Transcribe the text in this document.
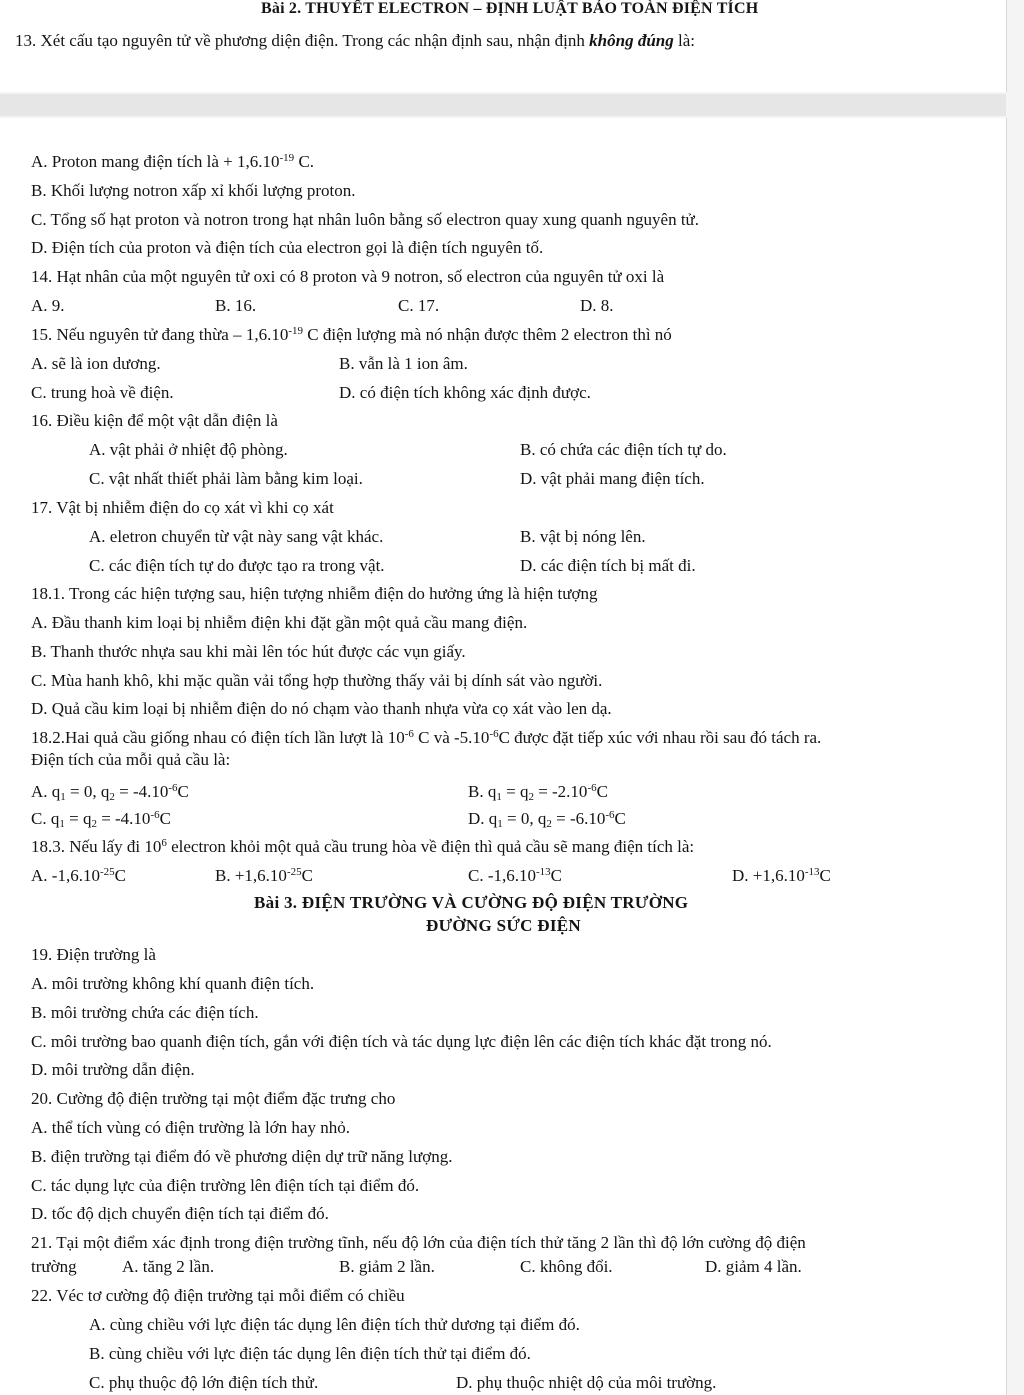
Bài 2. THUYẾT ELECTRON – ĐỊNH LUẬT BẢO TOÀN ĐIỆN TÍCH
13. Xét cấu tạo nguyên tử về phương diện điện. Trong các nhận định sau, nhận định không đúng là:
A. Proton mang điện tích là + $1,6.10^{-19}$ C.
B. Khối lượng notron xấp xỉ khối lượng proton.
C. Tổng số hạt proton và notron trong hạt nhân luôn bằng số electron quay xung quanh nguyên tử.
D. Điện tích của proton và điện tích của electron gọi là điện tích nguyên tố.
14. Hạt nhân của một nguyên tử oxi có 8 proton và 9 notron, số electron của nguyên tử oxi là
A. 9.	B. 16.	C. 17.	D. 8.
15. Nếu nguyên tử đang thừa – $1,6.10^{-19}$ C điện lượng mà nó nhận được thêm 2 electron thì nó
A. sẽ là ion dương.	B. vẫn là 1 ion âm.
C. trung hoà về điện.	D. có điện tích không xác định được.
16. Điều kiện để một vật dẫn điện là
A. vật phải ở nhiệt độ phòng.	B. có chứa các điện tích tự do.
C. vật nhất thiết phải làm bằng kim loại.	D. vật phải mang điện tích.
17. Vật bị nhiễm điện do cọ xát vì khi cọ xát
A. eletron chuyển từ vật này sang vật khác.	B. vật bị nóng lên.
C. các điện tích tự do được tạo ra trong vật.	D. các điện tích bị mất đi.
18.1. Trong các hiện tượng sau, hiện tượng nhiễm điện do hưởng ứng là hiện tượng
A. Đầu thanh kim loại bị nhiễm điện khi đặt gần một quả cầu mang điện.
B. Thanh thước nhựa sau khi mài lên tóc hút được các vụn giấy.
C. Mùa hanh khô, khi mặc quần vải tổng hợp thường thấy vải bị dính sát vào người.
D. Quả cầu kim loại bị nhiễm điện do nó chạm vào thanh nhựa vừa cọ xát vào len dạ.
18.2.Hai quả cầu giống nhau có điện tích lần lượt là $10^{-6}$ C và $-5.10^{-6}C$ được đặt tiếp xúc với nhau rồi sau đó tách ra.
Điện tích của mỗi quả cầu là:
A. $q_1 = 0$, $q_2 = -4.10^{-6}C$	B. $q_1 = q_2 = -2.10^{-6}C$
C. $q_1 = q_2 = -4.10^{-6}C$	D. $q_1 = 0$, $q_2 = -6.10^{-6}C$
18.3. Nếu lấy đi $10^6$ electron khỏi một quả cầu trung hòa về điện thì quả cầu sẽ mang điện tích là:
A. $-1,6.10^{-25}C$	B. $+1,6.10^{-25}C$	C. $-1,6.10^{-13}C$	D. $+1,6.10^{-13}C$
Bài 3. ĐIỆN TRƯỜNG VÀ CƯỜNG ĐỘ ĐIỆN TRƯỜNG
ĐƯỜNG SỨC ĐIỆN
19. Điện trường là
A. môi trường không khí quanh điện tích.
B. môi trường chứa các điện tích.
C. môi trường bao quanh điện tích, gắn với điện tích và tác dụng lực điện lên các điện tích khác đặt trong nó.
D. môi trường dẫn điện.
20. Cường độ điện trường tại một điểm đặc trưng cho
A. thể tích vùng có điện trường là lớn hay nhỏ.
B. điện trường tại điểm đó về phương diện dự trữ năng lượng.
C. tác dụng lực của điện trường lên điện tích tại điểm đó.
D. tốc độ dịch chuyển điện tích tại điểm đó.
21. Tại một điểm xác định trong điện trường tĩnh, nếu độ lớn của điện tích thử tăng 2 lần thì độ lớn cường độ điện
trường	A. tăng 2 lần.	B. giảm 2 lần.	C. không đổi.	D. giảm 4 lần.
22. Véc tơ cường độ điện trường tại mỗi điểm có chiều
A. cùng chiều với lực điện tác dụng lên điện tích thử dương tại điểm đó.
B. cùng chiều với lực điện tác dụng lên điện tích thử tại điểm đó.
C. phụ thuộc độ lớn điện tích thử.	D. phụ thuộc nhiệt dộ của môi trường.
